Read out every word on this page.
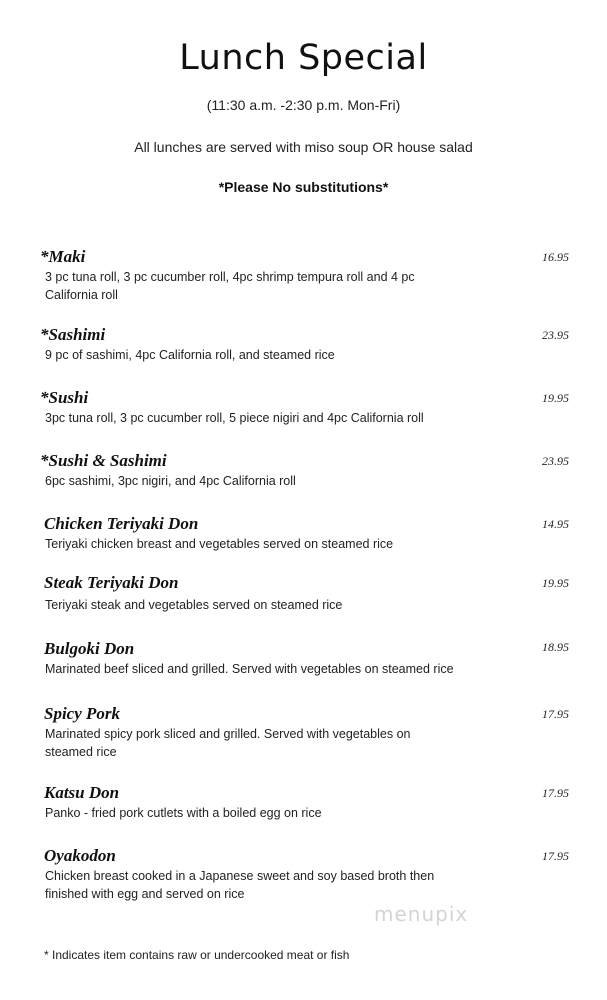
Lunch Special
(11:30 a.m. -2:30 p.m. Mon-Fri)
All lunches are served with miso soup OR house salad
*Please No substitutions*
*Maki	16.95
3 pc tuna roll, 3 pc cucumber roll, 4pc shrimp tempura roll and 4 pc California roll
*Sashimi	23.95
9 pc of sashimi, 4pc California roll, and steamed rice
*Sushi	19.95
3pc tuna roll, 3 pc cucumber roll, 5 piece nigiri and 4pc California roll
*Sushi & Sashimi	23.95
6pc sashimi, 3pc nigiri, and 4pc California roll
Chicken Teriyaki Don	14.95
Teriyaki chicken breast and vegetables served on steamed rice
Steak Teriyaki Don	19.95
Teriyaki steak and vegetables served on steamed rice
Bulgoki Don	18.95
Marinated beef sliced and grilled. Served with vegetables on steamed rice
Spicy Pork	17.95
Marinated spicy pork sliced and grilled. Served with vegetables on steamed rice
Katsu Don	17.95
Panko - fried pork cutlets with a boiled egg on rice
Oyakodon	17.95
Chicken breast cooked in a Japanese sweet and soy based broth then finished with egg and served on rice
menupix
* Indicates item contains raw or undercooked meat or fish
